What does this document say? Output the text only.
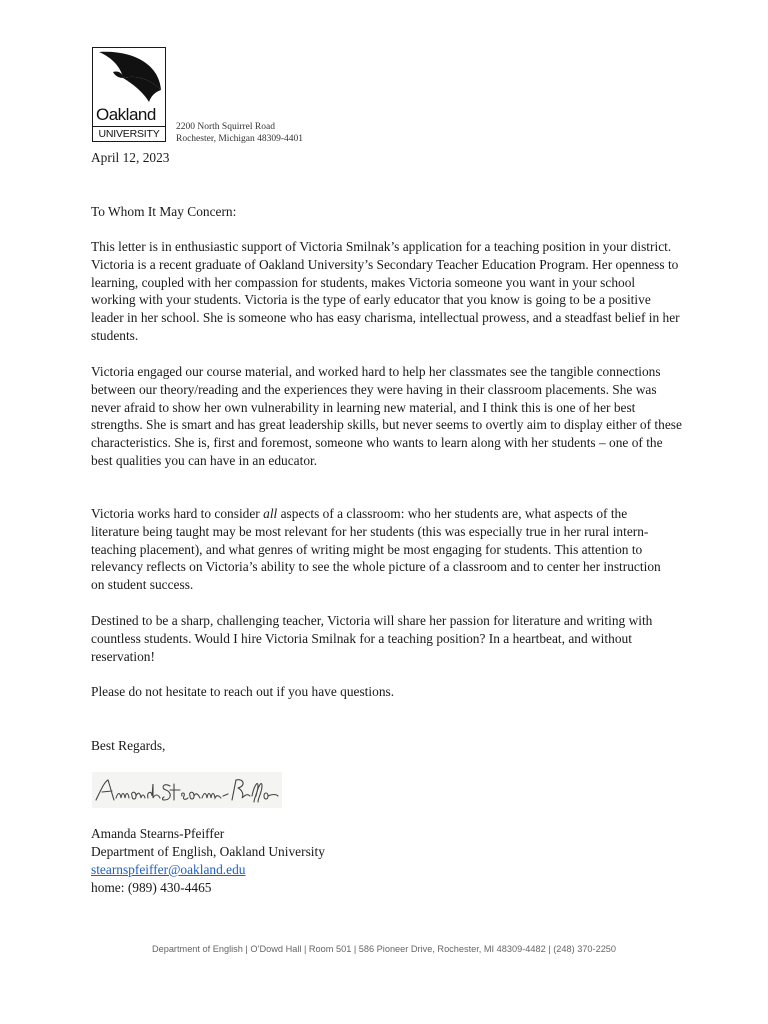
Oakland
UNIVERSITY
2200 North Squirrel Road
Rochester, Michigan 48309-4401
April 12, 2023
To Whom It May Concern:
This letter is in enthusiastic support of Victoria Smilnak’s application for a teaching position in your district. Victoria is a recent graduate of Oakland University’s Secondary Teacher Education Program. Her openness to learning, coupled with her compassion for students, makes Victoria someone you want in your school working with your students. Victoria is the type of early educator that you know is going to be a positive leader in her school. She is someone who has easy charisma, intellectual prowess, and a steadfast belief in her students.
Victoria engaged our course material, and worked hard to help her classmates see the tangible connections between our theory/reading and the experiences they were having in their classroom placements. She was never afraid to show her own vulnerability in learning new material, and I think this is one of her best strengths. She is smart and has great leadership skills, but never seems to overtly aim to display either of these characteristics. She is, first and foremost, someone who wants to learn along with her students – one of the best qualities you can have in an educator.
Victoria works hard to consider all aspects of a classroom: who her students are, what aspects of the literature being taught may be most relevant for her students (this was especially true in her rural intern-teaching placement), and what genres of writing might be most engaging for students. This attention to relevancy reflects on Victoria’s ability to see the whole picture of a classroom and to center her instruction on student success.
Destined to be a sharp, challenging teacher, Victoria will share her passion for literature and writing with countless students. Would I hire Victoria Smilnak for a teaching position? In a heartbeat, and without reservation!
Please do not hesitate to reach out if you have questions.
Best Regards,
Amanda Stearns-Pfeiffer
Department of English, Oakland University
stearnspfeiffer@oakland.edu
home: (989) 430-4465
Department of English | O’Dowd Hall | Room 501 | 586 Pioneer Drive, Rochester, MI 48309-4482 | (248) 370-2250
